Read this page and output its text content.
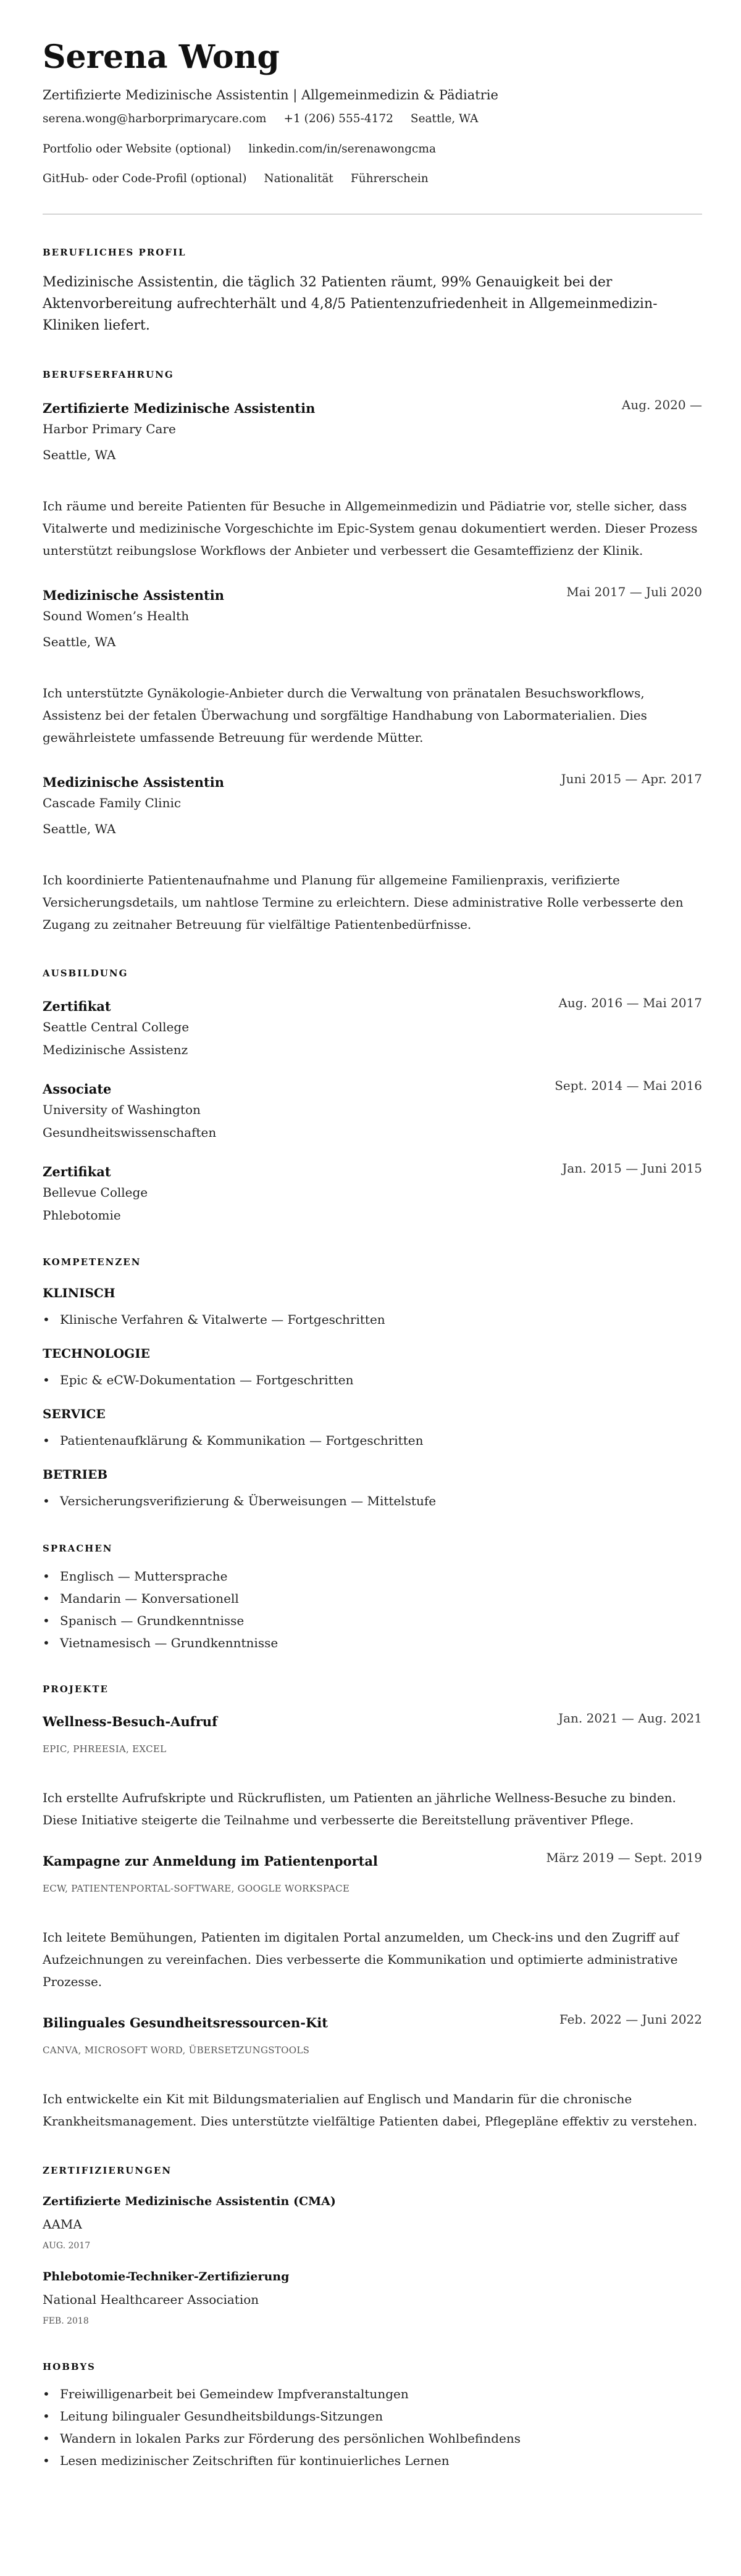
Serena Wong
Zertifizierte Medizinische Assistentin | Allgemeinmedizin & Pädiatrie
serena.wong@harborprimarycare.com +1 (206) 555-4172 Seattle, WA
Portfolio oder Website (optional) linkedin.com/in/serenawongcma
GitHub- oder Code-Profil (optional) Nationalität Führerschein
BERUFLICHES PROFIL
Medizinische Assistentin, die täglich 32 Patienten räumt, 99% Genauigkeit bei der Aktenvorbereitung aufrechterhält und 4,8/5 Patientenzufriedenheit in Allgemeinmedizin-Kliniken liefert.
BERUFSERFAHRUNG
Zertifizierte Medizinische Assistentin	Aug. 2020 —
Harbor Primary Care
Seattle, WA
Ich räume und bereite Patienten für Besuche in Allgemeinmedizin und Pädiatrie vor, stelle sicher, dass Vitalwerte und medizinische Vorgeschichte im Epic-System genau dokumentiert werden. Dieser Prozess unterstützt reibungslose Workflows der Anbieter und verbessert die Gesamteffizienz der Klinik.
Medizinische Assistentin	Mai 2017 — Juli 2020
Sound Women’s Health
Seattle, WA
Ich unterstützte Gynäkologie-Anbieter durch die Verwaltung von pränatalen Besuchsworkflows, Assistenz bei der fetalen Überwachung und sorgfältige Handhabung von Labormaterialien. Dies gewährleistete umfassende Betreuung für werdende Mütter.
Medizinische Assistentin	Juni 2015 — Apr. 2017
Cascade Family Clinic
Seattle, WA
Ich koordinierte Patientenaufnahme und Planung für allgemeine Familienpraxis, verifizierte Versicherungsdetails, um nahtlose Termine zu erleichtern. Diese administrative Rolle verbesserte den Zugang zu zeitnaher Betreuung für vielfältige Patientenbedürfnisse.
AUSBILDUNG
Zertifikat	Aug. 2016 — Mai 2017
Seattle Central College
Medizinische Assistenz
Associate	Sept. 2014 — Mai 2016
University of Washington
Gesundheitswissenschaften
Zertifikat	Jan. 2015 — Juni 2015
Bellevue College
Phlebotomie
KOMPETENZEN
KLINISCH
• Klinische Verfahren & Vitalwerte — Fortgeschritten
TECHNOLOGIE
• Epic & eCW-Dokumentation — Fortgeschritten
SERVICE
• Patientenaufklärung & Kommunikation — Fortgeschritten
BETRIEB
• Versicherungsverifizierung & Überweisungen — Mittelstufe
SPRACHEN
• Englisch — Muttersprache
• Mandarin — Konversationell
• Spanisch — Grundkenntnisse
• Vietnamesisch — Grundkenntnisse
PROJEKTE
Wellness-Besuch-Aufruf	Jan. 2021 — Aug. 2021
EPIC, PHREESIA, EXCEL
Ich erstellte Aufrufskripte und Rückruflisten, um Patienten an jährliche Wellness-Besuche zu binden. Diese Initiative steigerte die Teilnahme und verbesserte die Bereitstellung präventiver Pflege.
Kampagne zur Anmeldung im Patientenportal	März 2019 — Sept. 2019
ECW, PATIENTENPORTAL-SOFTWARE, GOOGLE WORKSPACE
Ich leitete Bemühungen, Patienten im digitalen Portal anzumelden, um Check-ins und den Zugriff auf Aufzeichnungen zu vereinfachen. Dies verbesserte die Kommunikation und optimierte administrative Prozesse.
Bilinguales Gesundheitsressourcen-Kit	Feb. 2022 — Juni 2022
CANVA, MICROSOFT WORD, ÜBERSETZUNGSTOOLS
Ich entwickelte ein Kit mit Bildungsmaterialien auf Englisch und Mandarin für die chronische Krankheitsmanagement. Dies unterstützte vielfältige Patienten dabei, Pflegepläne effektiv zu verstehen.
ZERTIFIZIERUNGEN
Zertifizierte Medizinische Assistentin (CMA)
AAMA
AUG. 2017
Phlebotomie-Techniker-Zertifizierung
National Healthcareer Association
FEB. 2018
HOBBYS
• Freiwilligenarbeit bei Gemeindew Impfveranstaltungen
• Leitung bilingualer Gesundheitsbildungs-Sitzungen
• Wandern in lokalen Parks zur Förderung des persönlichen Wohlbefindens
• Lesen medizinischer Zeitschriften für kontinuierliches Lernen
